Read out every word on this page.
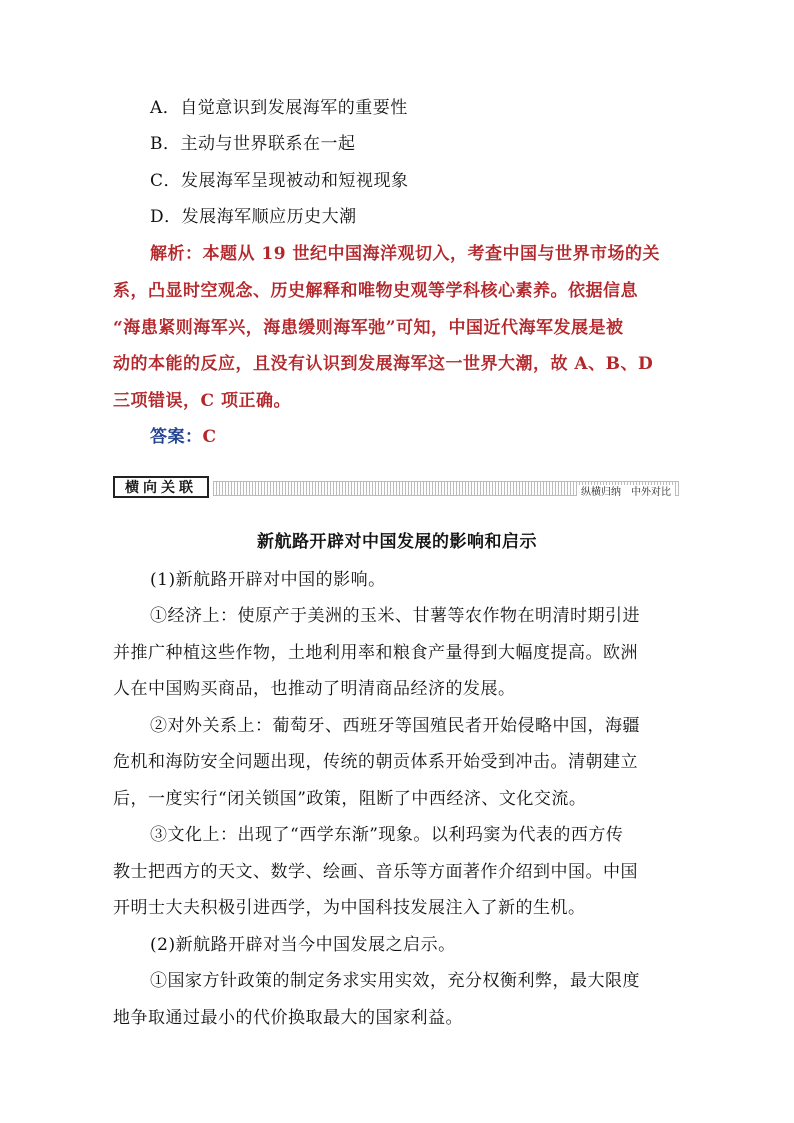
A．自觉意识到发展海军的重要性
B．主动与世界联系在一起
C．发展海军呈现被动和短视现象
D．发展海军顺应历史大潮
解析：本题从 19 世纪中国海洋观切入，考查中国与世界市场的关
系，凸显时空观念、历史解释和唯物史观等学科核心素养。依据信息
“海患紧则海军兴，海患缓则海军弛”可知，中国近代海军发展是被
动的本能的反应，且没有认识到发展海军这一世界大潮，故 A、B、D
三项错误，C 项正确。
答案：C
横向关联	纵横归纳　中外对比
新航路开辟对中国发展的影响和启示
(1)新航路开辟对中国的影响。
①经济上：使原产于美洲的玉米、甘薯等农作物在明清时期引进
并推广种植这些作物，土地利用率和粮食产量得到大幅度提高。欧洲
人在中国购买商品，也推动了明清商品经济的发展。
②对外关系上：葡萄牙、西班牙等国殖民者开始侵略中国，海疆
危机和海防安全问题出现，传统的朝贡体系开始受到冲击。清朝建立
后，一度实行“闭关锁国”政策，阻断了中西经济、文化交流。
③文化上：出现了“西学东渐”现象。以利玛窦为代表的西方传
教士把西方的天文、数学、绘画、音乐等方面著作介绍到中国。中国
开明士大夫积极引进西学，为中国科技发展注入了新的生机。
(2)新航路开辟对当今中国发展之启示。
①国家方针政策的制定务求实用实效，充分权衡利弊，最大限度
地争取通过最小的代价换取最大的国家利益。
